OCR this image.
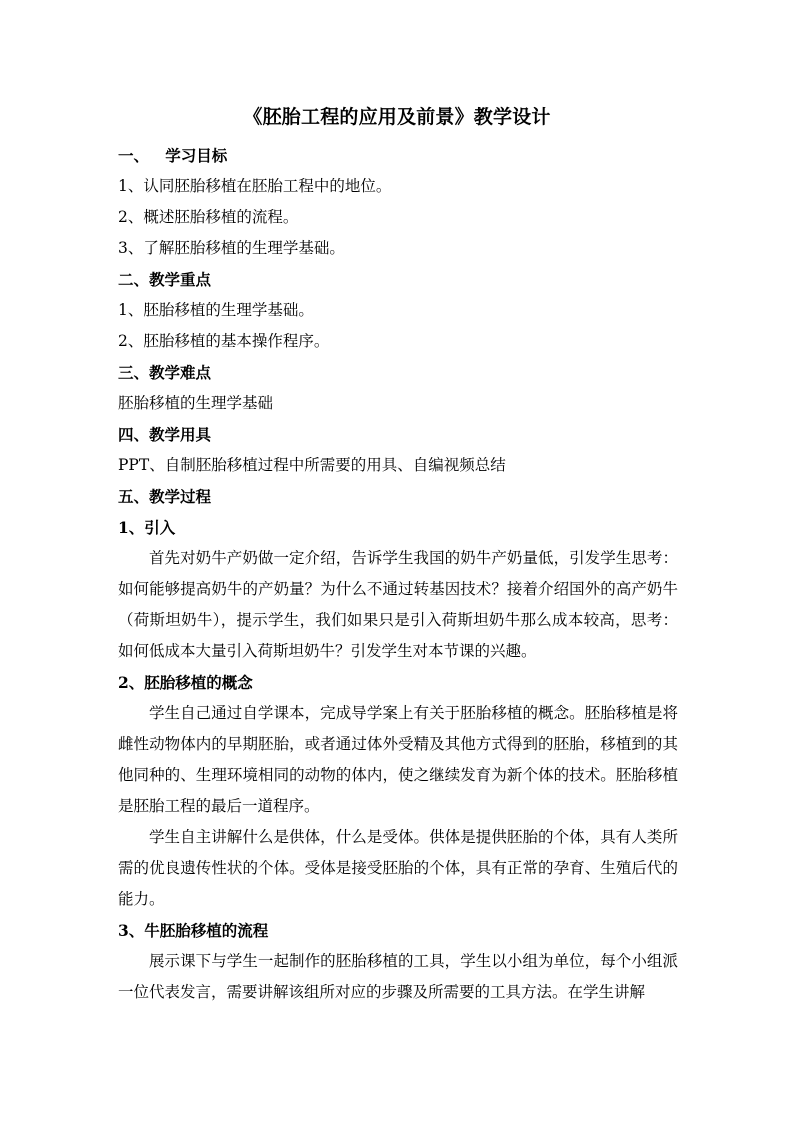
《胚胎工程的应用及前景》教学设计
一、   学习目标
1、认同胚胎移植在胚胎工程中的地位。
2、概述胚胎移植的流程。
3、了解胚胎移植的生理学基础。
二、教学重点
1、胚胎移植的生理学基础。
2、胚胎移植的基本操作程序。
三、教学难点
胚胎移植的生理学基础
四、教学用具
PPT、自制胚胎移植过程中所需要的用具、自编视频总结
五、教学过程
1、引入

首先对奶牛产奶做一定介绍，告诉学生我国的奶牛产奶量低，引发学生思考：如何能够提高奶牛的产奶量？为什么不通过转基因技术？接着介绍国外的高产奶牛（荷斯坦奶牛），提示学生，我们如果只是引入荷斯坦奶牛那么成本较高，思考：如何低成本大量引入荷斯坦奶牛？引发学生对本节课的兴趣。

2、胚胎移植的概念

学生自己通过自学课本，完成导学案上有关于胚胎移植的概念。胚胎移植是将雌性动物体内的早期胚胎，或者通过体外受精及其他方式得到的胚胎，移植到的其他同种的、生理环境相同的动物的体内，使之继续发育为新个体的技术。胚胎移植是胚胎工程的最后一道程序。

学生自主讲解什么是供体，什么是受体。供体是提供胚胎的个体，具有人类所需的优良遗传性状的个体。受体是接受胚胎的个体，具有正常的孕育、生殖后代的能力。

3、牛胚胎移植的流程

展示课下与学生一起制作的胚胎移植的工具，学生以小组为单位，每个小组派一位代表发言，需要讲解该组所对应的步骤及所需要的工具方法。在学生讲解
